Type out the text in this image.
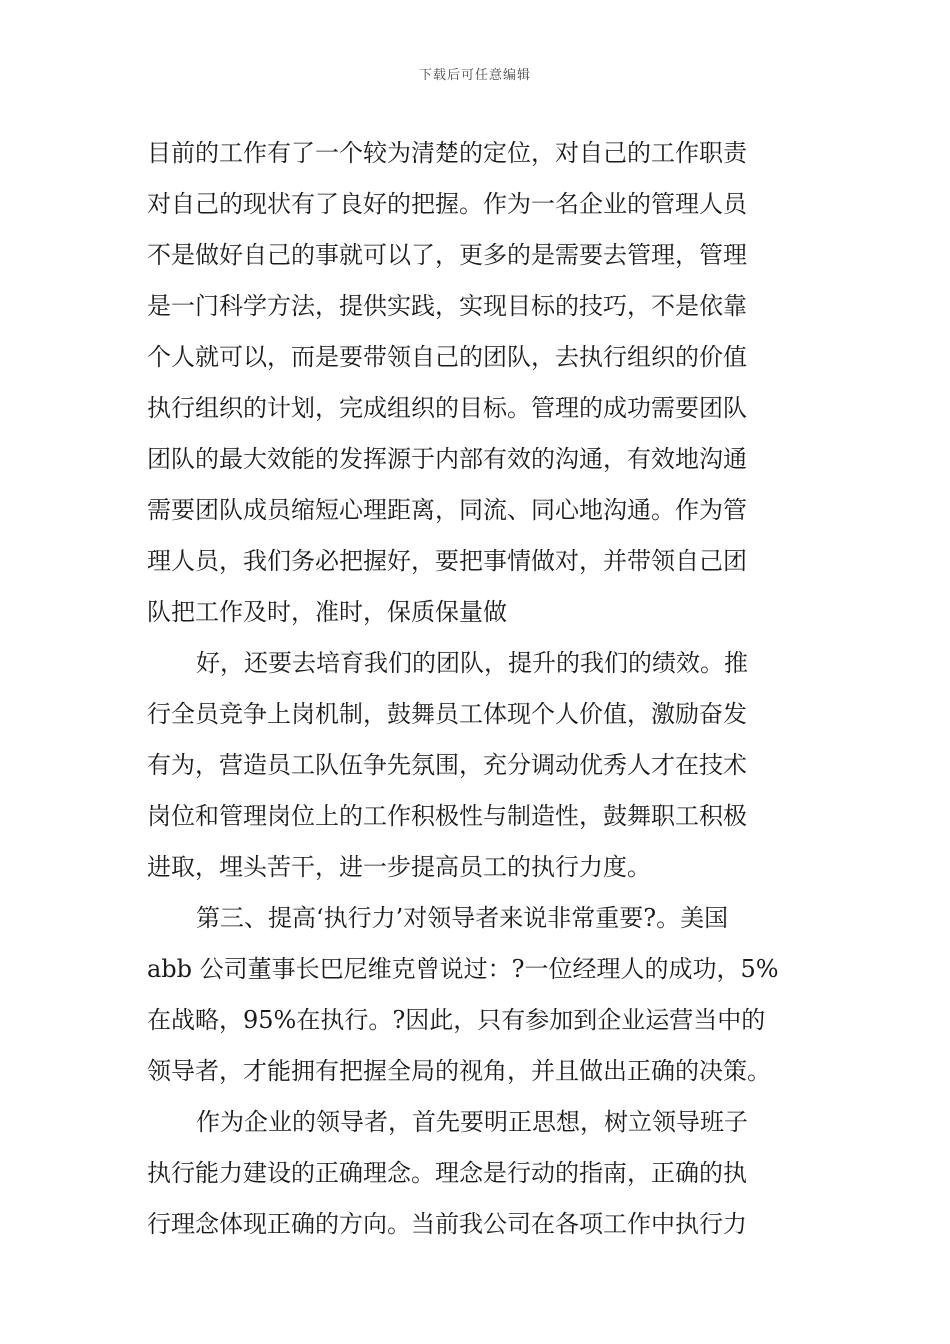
下载后可任意编辑
目前的工作有了一个较为清楚的定位，对自己的工作职责
对自己的现状有了良好的把握。作为一名企业的管理人员
不是做好自己的事就可以了，更多的是需要去管理，管理
是一门科学方法，提供实践，实现目标的技巧，不是依靠
个人就可以，而是要带领自己的团队，去执行组织的价值
执行组织的计划，完成组织的目标。管理的成功需要团队
团队的最大效能的发挥源于内部有效的沟通，有效地沟通
需要团队成员缩短心理距离，同流、同心地沟通。作为管
理人员，我们务必把握好，要把事情做对，并带领自己团
队把工作及时，准时，保质保量做
好，还要去培育我们的团队，提升的我们的绩效。推
行全员竞争上岗机制，鼓舞员工体现个人价值，激励奋发
有为，营造员工队伍争先氛围，充分调动优秀人才在技术
岗位和管理岗位上的工作积极性与制造性，鼓舞职工积极
进取，埋头苦干，进一步提高员工的执行力度。
第三、提高‘执行力’对领导者来说非常重要?。美国
abb 公司董事长巴尼维克曾说过：?一位经理人的成功，5%
在战略，95%在执行。?因此，只有参加到企业运营当中的
领导者，才能拥有把握全局的视角，并且做出正确的决策。
作为企业的领导者，首先要明正思想，树立领导班子
执行能力建设的正确理念。理念是行动的指南，正确的执
行理念体现正确的方向。当前我公司在各项工作中执行力
